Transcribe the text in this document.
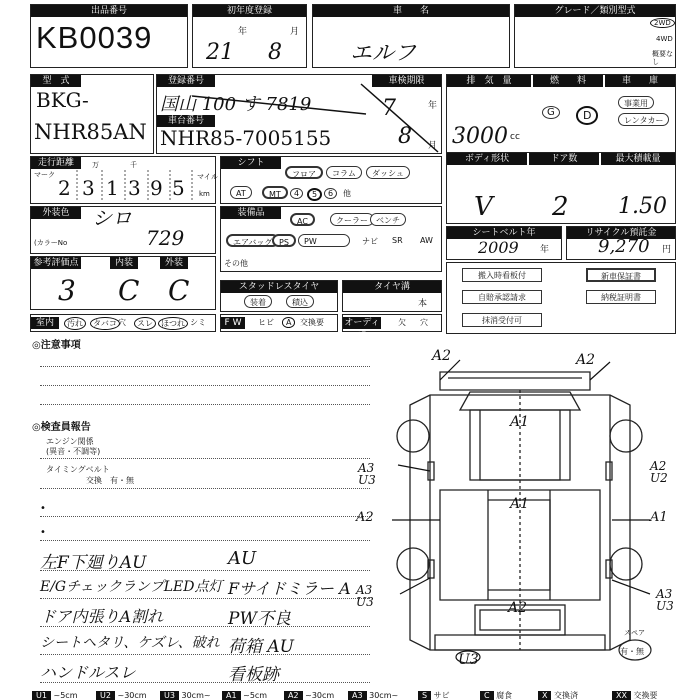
出品番号
KB0039
初年度登録
年	月
21 8
車　　名
エルフ
グレード／類別型式
2WD
4WD
概要なし
型　式
BKG-
NHR85AN
登録番号
国山 100 す 7819
車台番号
NHR85-7005155
車検期限
7	年
8 月
排　気　量	燃　　料	車　　庫
3000 cc
G	D
事業用
レンタカー
走行距離
マーク
万	千
マイル
km
2 3 1 3 9 5
シフト
フロア	コラム	ダッシュ
AT	MT	4	5	6	他
ボディ形状	ドア数	最大積載量
V 2 1.50
外装色	シロ
(カラーNo	729
装備品
AC	クーラー	ベンチ
エアバッグ PS	PW	ナビ SR AW
その他
シートベルト年
2009 年
リサイクル預託金
9,270 円
参考評価点	内装	外装
3 C C	スタッドレスタイヤ
装着	積込
タイヤ溝
本
搬入時看板付	新車保証書
自賠承認請求	納税証明書
抹消受付可
室内	汚れ	タバコ 穴	スレ	ほつれ シミ	F W	ヒビ	A	交換要 オーディオ
欠 穴
◎注意事項
◎検査員報告
エンジン関係
(異音・不調等)
タイミングベルト
交換　有・無
•
•
左F下廻りAU	AU
E/GチェックランプLED点灯 Fサイドミラー A
ドア内張りA割れ	PW不良
シートヘタリ、ケズレ、破れ 荷箱 AU
ハンドルスレ	看板跡
A2
A1
A3 U3
A2
A2	A1
A2 U2
A1
A3 U3
A3 U3
A2
U3
スペア
有・無
U1 ~5cm	U2 ~30cm	U3 30cm~	A1 ~5cm	A2 ~30cm	A3 30cm~	S サビ	C 腐食	X 交換済	XX 交換要
